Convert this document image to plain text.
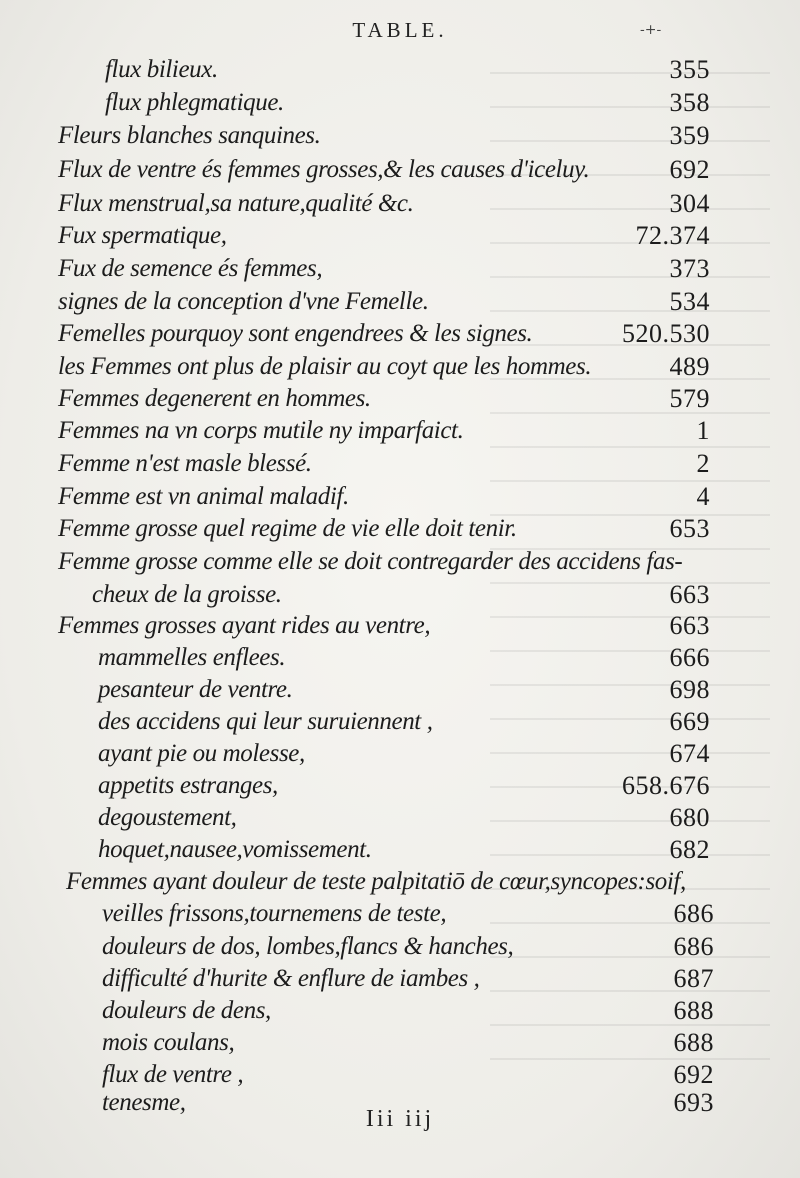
TABLE.	-+-
flux bilieux.	355
flux phlegmatique.	358
Fleurs blanches sanquines.	359
Flux de ventre és femmes grosses,& les causes d'iceluy.	692
Flux menstrual,sa nature,qualité &c.	304
Fux spermatique,	72.374
Fux de semence és femmes,	373
signes de la conception d'vne Femelle.	534
Femelles pourquoy sont engendrees & les signes.	520.530
les Femmes ont plus de plaisir au coyt que les hommes.	489
Femmes degenerent en hommes.	579
Femmes na vn corps mutile ny imparfaict.	1
Femme n'est masle blessé.	2
Femme est vn animal maladif.	4
Femme grosse quel regime de vie elle doit tenir.	653
Femme grosse comme elle se doit contregarder des accidens fas-
cheux de la groisse.	663
Femmes grosses ayant rides au ventre,	663
mammelles enflees.	666
pesanteur de ventre.	698
des accidens qui leur suruiennent ,	669
ayant pie ou molesse,	674
appetits estranges,	658.676
degoustement,	680
hoquet,nausee,vomissement.	682
Femmes ayant douleur de teste palpitatiō de cœur,syncopes:soif,
veilles frissons,tournemens de teste,	686
douleurs de dos, lombes,flancs & hanches,	686
difficulté d'hurite & enflure de iambes ,	687
douleurs de dens,	688
mois coulans,	688
flux de ventre ,	692
tenesme,	693
Iii iij
